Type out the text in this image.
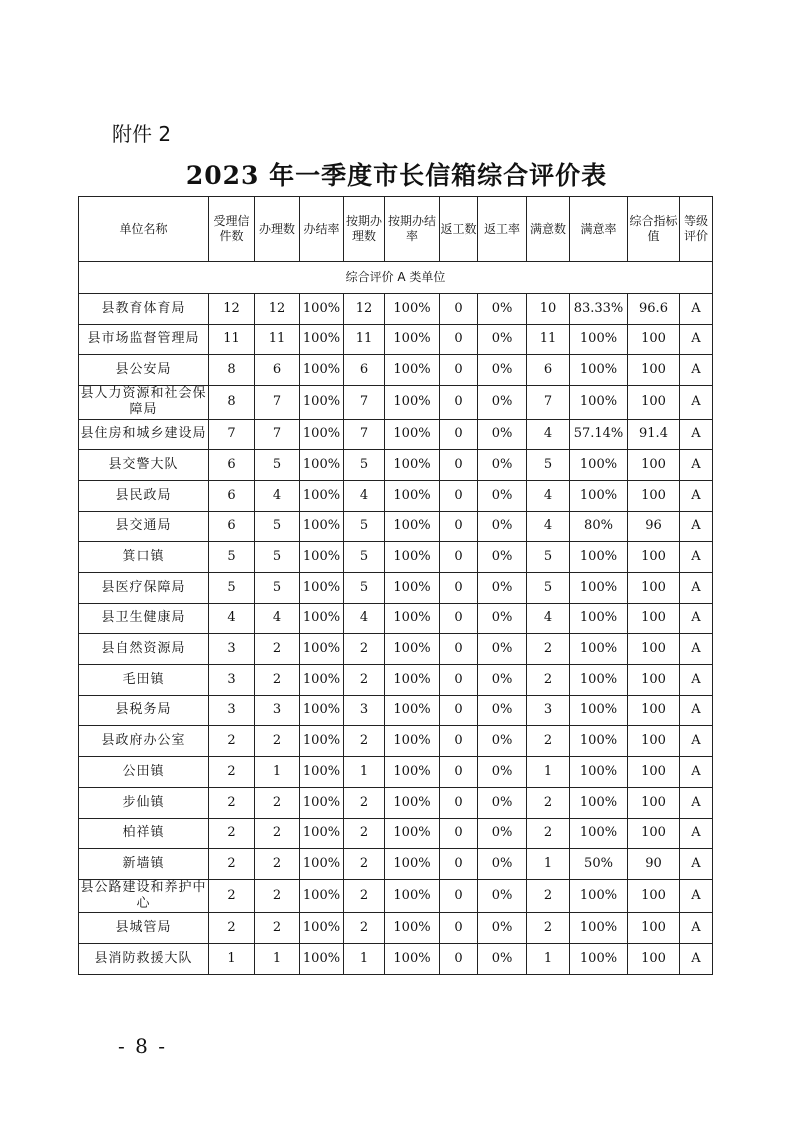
附件 2
2023 年一季度市长信箱综合评价表
单位名称	受理信件数	办理数	办结率	按期办理数	按期办结率	返工数	返工率	满意数	满意率	综合指标值	等级评价
综合评价 A 类单位											
县教育体育局	12	12	100%	12	100%	0	0%	10	83.33%	96.6	A
县市场监督管理局	11	11	100%	11	100%	0	0%	11	100%	100	A
县公安局	8	6	100%	6	100%	0	0%	6	100%	100	A
县人力资源和社会保障局	8	7	100%	7	100%	0	0%	7	100%	100	A
县住房和城乡建设局	7	7	100%	7	100%	0	0%	4	57.14%	91.4	A
县交警大队	6	5	100%	5	100%	0	0%	5	100%	100	A
县民政局	6	4	100%	4	100%	0	0%	4	100%	100	A
县交通局	6	5	100%	5	100%	0	0%	4	80%	96	A
箕口镇	5	5	100%	5	100%	0	0%	5	100%	100	A
县医疗保障局	5	5	100%	5	100%	0	0%	5	100%	100	A
县卫生健康局	4	4	100%	4	100%	0	0%	4	100%	100	A
县自然资源局	3	2	100%	2	100%	0	0%	2	100%	100	A
毛田镇	3	2	100%	2	100%	0	0%	2	100%	100	A
县税务局	3	3	100%	3	100%	0	0%	3	100%	100	A
县政府办公室	2	2	100%	2	100%	0	0%	2	100%	100	A
公田镇	2	1	100%	1	100%	0	0%	1	100%	100	A
步仙镇	2	2	100%	2	100%	0	0%	2	100%	100	A
柏祥镇	2	2	100%	2	100%	0	0%	2	100%	100	A
新墙镇	2	2	100%	2	100%	0	0%	1	50%	90	A
县公路建设和养护中心	2	2	100%	2	100%	0	0%	2	100%	100	A
县城管局	2	2	100%	2	100%	0	0%	2	100%	100	A
县消防救援大队	1	1	100%	1	100%	0	0%	1	100%	100	A
- 8 -
